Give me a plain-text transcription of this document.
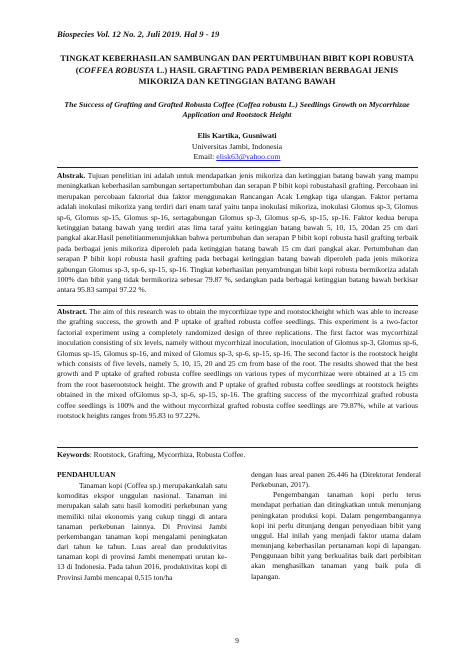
Biospecies Vol. 12 No. 2, Juli 2019. Hal 9 - 19
TINGKAT KEBERHASILAN SAMBUNGAN DAN PERTUMBUHAN BIBIT KOPI ROBUSTA (COFFEA ROBUSTA L.) HASIL GRAFTING PADA PEMBERIAN BERBAGAI JENIS MIKORIZA DAN KETINGGIAN BATANG BAWAH
The Success of Grafting and Grafted Robusta Coffee (Coffea robusta L.) Seedlings Growth on Mycorrhizae Application and Rootstock Height
Elis Kartika, Gusniwati
Universitas Jambi, Indonesia
Email: elisk63@yahoo.com
Abstrak. Tujuan penelitian ini adalah untuk mendapatkan jenis mikoriza dan ketinggian batang bawah yang mampu meningkatkan keberhasilan sambungan sertapertumbuhan dan serapan P bibit kopi robustahasil grafting. Percobaan ini merupakan percobaan faktorial dua faktor menggunakan Rancangan Acak Lengkap tiga ulangan. Faktor pertama adalah inokulasi mikoriza yang terdiri dari enam taraf yaitu tanpa inokulasi mikoriza, inokulasi Glomus sp-3, Glomus sp-6, Glomus sp-15, Glomus sp-16, sertagabungan Glomus sp-3, Glomus sp-6, sp-15, sp-16. Faktor kedua berupa ketinggian batang bawah yang terdiri atas lima taraf yaitu ketinggian batang bawah 5, 10, 15, 20dan 25 cm dari pangkal akar.Hasil penelitianmenunjukkan bahwa pertumbuhan dan serapan P bibit kopi robusta hasil grafting terbaik pada berbagai jenis mikoriza diperoleh pada ketinggian batang bawah 15 cm dari pangkal akar. Pertumbuhan dan serapan P bibit kopi robusta hasil grafting pada berbagai ketinggian batang bawah diperoleh pada jenis mikoriza gabungan Glomus sp-3, sp-6, sp-15, sp-16. Tingkat keberhasilan penyambungan bibit kopi robusta bermikoriza adalah 100% dan bibit yang tidak bermikoriza sebesar 79.87 %, sedangkan pada berbagai ketinggian batang bawah berkisar antara 95.83 sampai 97.22 %.
Abstract. The aim of this research was to obtain the mycorrhizae type and rootstockheight which was able to increase the grafting success, the growth and P uptake of grafted robusta coffee seedlings. This experiment is a two-factor factorial experiment using a completely randomized design of three replications. The first factor was mycorrhizal inoculation consisting of six levels, namely without mycorrhizal inoculation, inoculation of Glomus sp-3, Glomus sp-6, Glomus sp-15, Glomus sp-16, and mixed of Glomus sp-3, sp-6, sp-15, sp-16. The second factor is the rootstock height which consists of five levels, namely 5, 10, 15, 20 and 25 cm from base of the root. The results showed that the best growth and P uptake of grafted robusta coffee seedlings on various types of mycorrhizae were obtained at a 15 cm from the root baserootstock height. The growth and P uptake of grafted robusta coffee seedlings at rootstock heights obtained in the mixed ofGlomus sp-3, sp-6, sp-15, sp-16. The grafting success of the mycorrhizal grafted robusta coffee seedlings is 100% and the without mycorrhizal grafted robusta coffee seedlings are 79.87%, while at various rootstock heights ranges from 95.83 to 97.22%.
Keywords: Rootstock, Grafting, Mycorrhiza, Robusta Coffee.
PENDAHULUAN
Tanaman kopi (Coffea sp.) merupakankalah satu komoditas ekspor unggulan nasional. Tanaman ini merupakan salah satu hasil komoditi perkebunan yang memiliki nilai ekonomis yang cukup tinggi di antara tanaman perkebunan lainnya. Di Provinsi Jambi perkembangan tanaman kopi mengalami peningkatan dari tahun ke tahun. Luas areal dan produktivitas tanaman kopi di provinsi Jambi menempati urutan ke-13 di Indonesia. Pada tahun 2016, produktivitas kopi di Provinsi Jambi mencapai 0,515 ton/ha
dengan luas areal panen 26.446 ha (Direktorat Jenderal Perkebunan, 2017).
Pengembangan tanaman kopi perlu terus mendapat perhatian dan ditingkatkan untuk menunjang peningkatan produksi kopi. Dalam pengembangannya kopi ini perlu ditunjang dengan penyediaan bibit yang unggul. Hal inilah yang menjadi faktor utama dalam menunjang keberhasilan pertanaman kopi di lapangan. Penggunaan bibit yang berkualitas baik dari perbibitan akan menghasilkan tanaman yang baik pula di lapangan.
9
